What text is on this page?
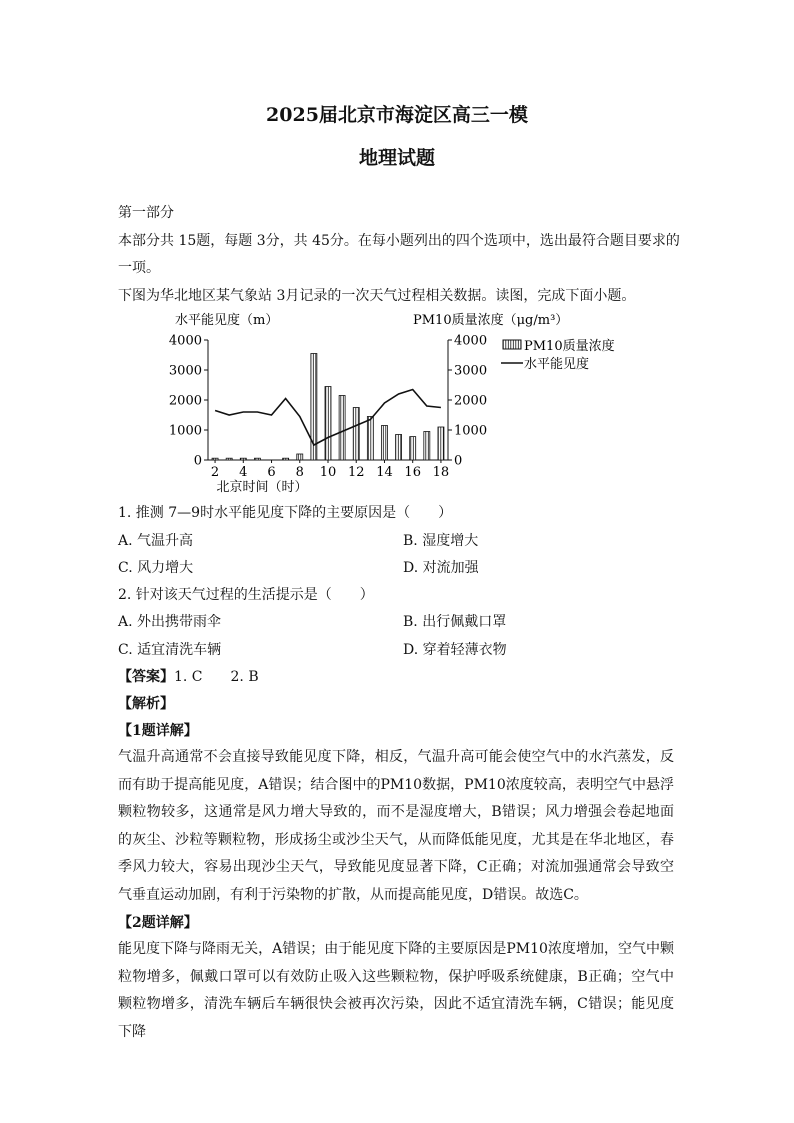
2025届北京市海淀区高三一模
地理试题
第一部分
本部分共 15题，每题 3分，共 45分。在每小题列出的四个选项中，选出最符合题目要求的
一项。
下图为华北地区某气象站 3月记录的一次天气过程相关数据。读图，完成下面小题。
水平能见度（m）	PM10质量浓度（μg/m³）
0	0
1000	1000
2000	2000
3000	3000
4000	4000
2 4 6 8 10 12 14 16 18
北京时间（时）
PM10质量浓度
水平能见度
1. 推测 7—9时水平能见度下降的主要原因是（　　）
A. 气温升高	B. 湿度增大
C. 风力增大	D. 对流加强
2. 针对该天气过程的生活提示是（　　）
A. 外出携带雨伞	B. 出行佩戴口罩
C. 适宜清洗车辆	D. 穿着轻薄衣物
【答案】1. C　　2. B
【解析】
【1题详解】
气温升高通常不会直接导致能见度下降，相反，气温升高可能会使空气中的水汽蒸发，反而有助于提高能见度，A错误；结合图中的PM10数据，PM10浓度较高，表明空气中悬浮颗粒物较多，这通常是风力增大导致的，而不是湿度增大，B错误；风力增强会卷起地面的灰尘、沙粒等颗粒物，形成扬尘或沙尘天气，从而降低能见度，尤其是在华北地区，春季风力较大，容易出现沙尘天气，导致能见度显著下降，C正确；对流加强通常会导致空气垂直运动加剧，有利于污染物的扩散，从而提高能见度，D错误。故选C。
【2题详解】
能见度下降与降雨无关，A错误；由于能见度下降的主要原因是PM10浓度增加，空气中颗粒物增多，佩戴口罩可以有效防止吸入这些颗粒物，保护呼吸系统健康，B正确；空气中颗粒物增多，清洗车辆后车辆很快会被再次污染，因此不适宜清洗车辆，C错误；能见度下降
